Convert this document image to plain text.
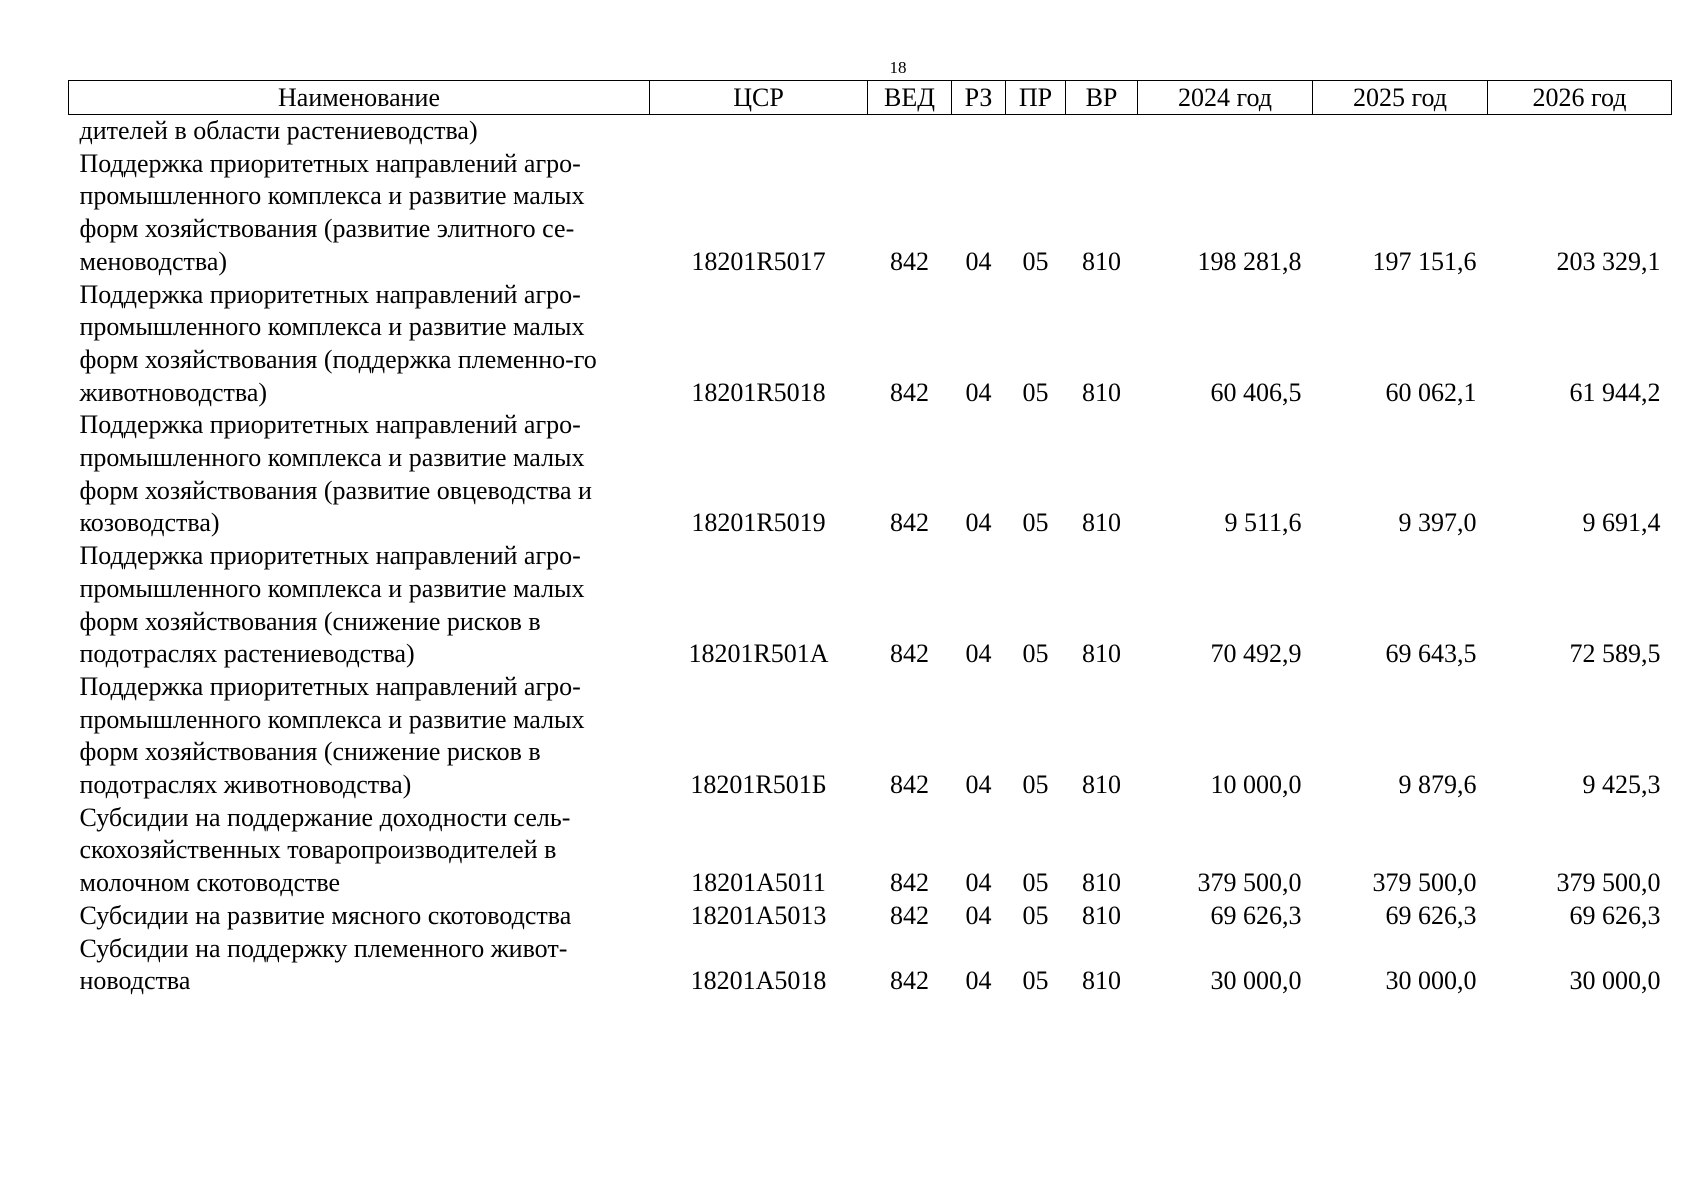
18
Наименование	ЦСР	ВЕД	РЗ	ПР	ВР	2024 год	2025 год	2026 год
дителей в области растениеводства)								
Поддержка приоритетных направлений агро-промышленного комплекса и развитие малых форм хозяйствования (развитие элитного се-меноводства)	18201R5017	842	04	05	810	198 281,8	197 151,6	203 329,1
Поддержка приоритетных направлений агро-промышленного комплекса и развитие малых форм хозяйствования (поддержка племенно-го животноводства)	18201R5018	842	04	05	810	60 406,5	60 062,1	61 944,2
Поддержка приоритетных направлений агро-промышленного комплекса и развитие малых форм хозяйствования (развитие овцеводства и козоводства)	18201R5019	842	04	05	810	9 511,6	9 397,0	9 691,4
Поддержка приоритетных направлений агро-промышленного комплекса и развитие малых форм хозяйствования (снижение рисков в подотраслях растениеводства)	18201R501А	842	04	05	810	70 492,9	69 643,5	72 589,5
Поддержка приоритетных направлений агро-промышленного комплекса и развитие малых форм хозяйствования (снижение рисков в подотраслях животноводства)	18201R501Б	842	04	05	810	10 000,0	9 879,6	9 425,3
Субсидии на поддержание доходности сель-скохозяйственных товаропроизводителей в молочном скотоводстве	18201А5011	842	04	05	810	379 500,0	379 500,0	379 500,0
Субсидии на развитие мясного скотоводства	18201А5013	842	04	05	810	69 626,3	69 626,3	69 626,3
Субсидии на поддержку племенного живот-новодства	18201А5018	842	04	05	810	30 000,0	30 000,0	30 000,0
